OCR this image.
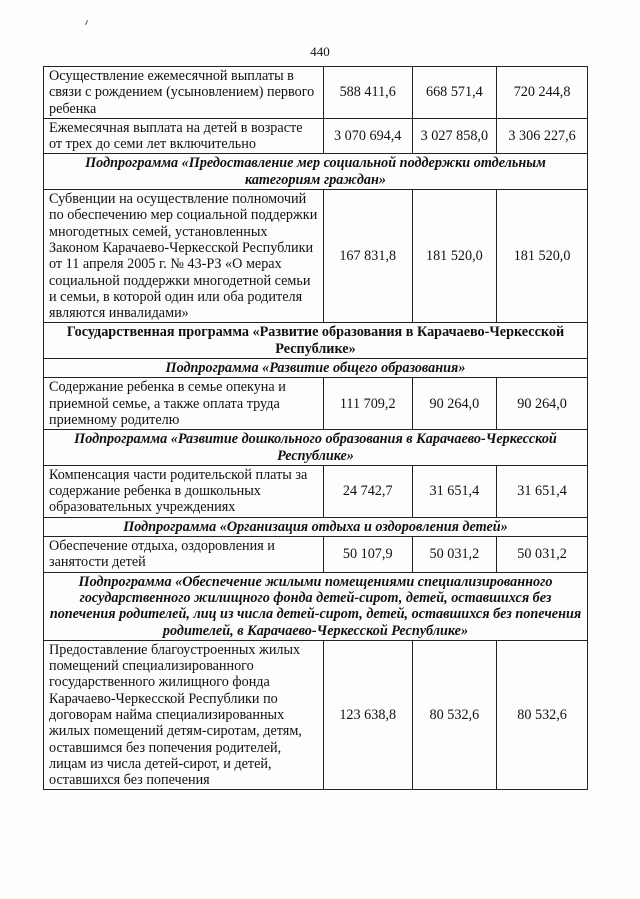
440
Осуществление ежемесячной выплаты в связи с рождением (усыновлением) первого ребенка	588 411,6	668 571,4	720 244,8
Ежемесячная выплата на детей в возрасте от трех до семи лет включительно	3 070 694,4	3 027 858,0	3 306 227,6
Подпрограмма «Предоставление мер социальной поддержки отдельным категориям граждан»			
Субвенции на осуществление полномочий по обеспечению мер социальной поддержки многодетных семей, установленных Законом Карачаево-Черкесской Республики от 11 апреля 2005 г. № 43-РЗ «О мерах социальной поддержки многодетной семьи и семьи, в которой один или оба родителя являются инвалидами»	167 831,8	181 520,0	181 520,0
Государственная программа «Развитие образования в Карачаево-Черкесской Республике»			
Подпрограмма «Развитие общего образования»			
Содержание ребенка в семье опекуна и приемной семье, а также оплата труда приемному родителю	111 709,2	90 264,0	90 264,0
Подпрограмма «Развитие дошкольного образования в Карачаево-Черкесской Республике»			
Компенсация части родительской платы за содержание ребенка в дошкольных образовательных учреждениях	24 742,7	31 651,4	31 651,4
Подпрограмма «Организация отдыха и оздоровления детей»			
Обеспечение отдыха, оздоровления и занятости детей	50 107,9	50 031,2	50 031,2
Подпрограмма «Обеспечение жилыми помещениями специализированного государственного жилищного фонда детей-сирот, детей, оставшихся без попечения родителей, лиц из числа детей-сирот, детей, оставшихся без попечения родителей, в Карачаево-Черкесской Республике»			
Предоставление благоустроенных жилых помещений специализированного государственного жилищного фонда Карачаево-Черкесской Республики по договорам найма специализированных жилых помещений детям-сиротам, детям, оставшимся без попечения родителей, лицам из числа детей-сирот, и детей, оставшихся без попечения	123 638,8	80 532,6	80 532,6
